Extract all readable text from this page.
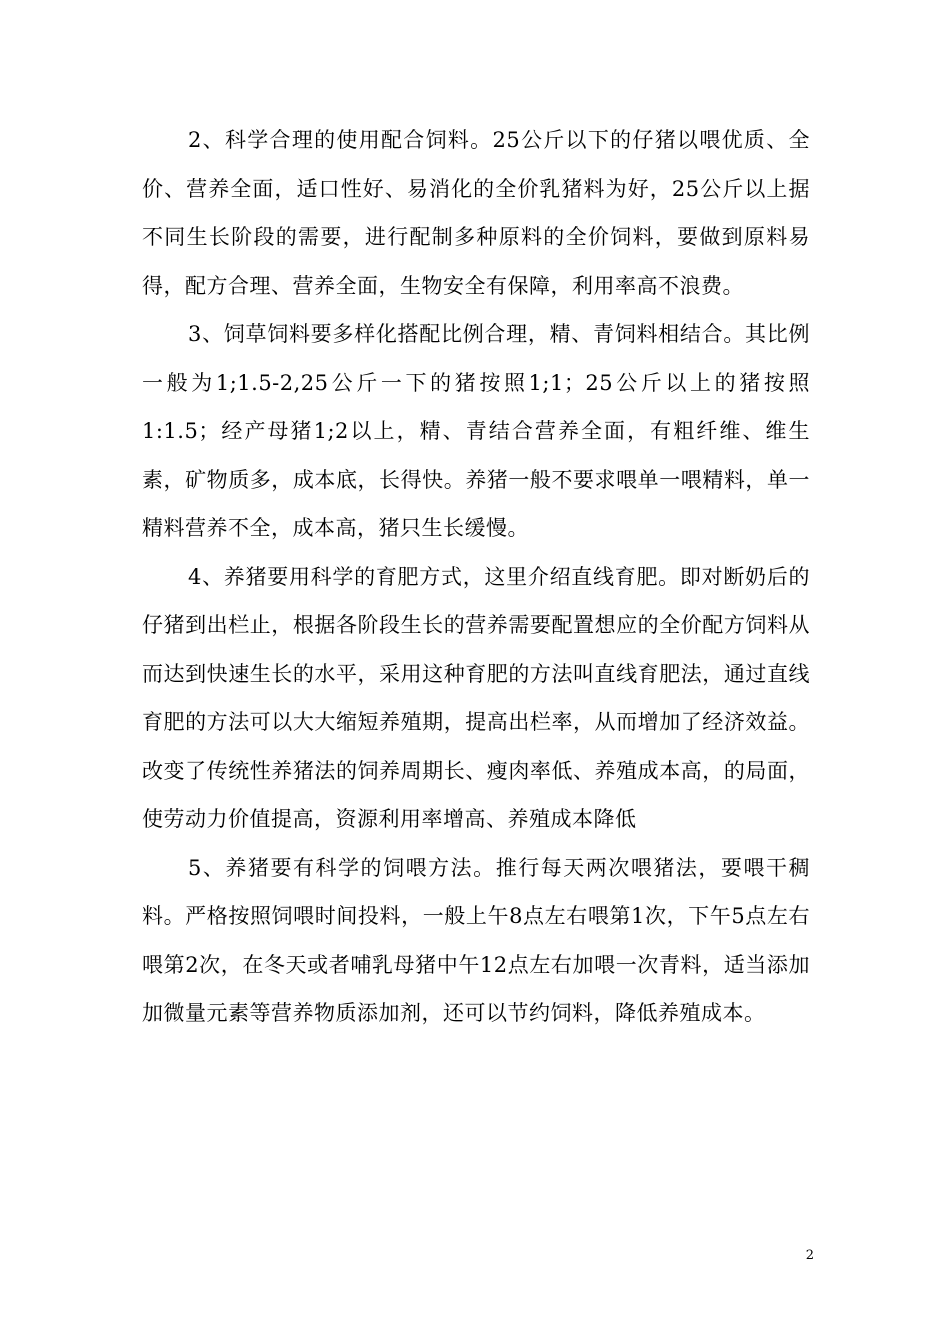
2、科学合理的使用配合饲料。25公斤以下的仔猪以喂优质、全价、营养全面，适口性好、易消化的全价乳猪料为好，25公斤以上据不同生长阶段的需要，进行配制多种原料的全价饲料，要做到原料易得，配方合理、营养全面，生物安全有保障，利用率高不浪费。

3、饲草饲料要多样化搭配比例合理，精、青饲料相结合。其比例一般为1;1.5-2,25公斤一下的猪按照1;1；25公斤以上的猪按照1:1.5；经产母猪1;2以上，精、青结合营养全面，有粗纤维、维生素，矿物质多，成本底，长得快。养猪一般不要求喂单一喂精料，单一精料营养不全，成本高，猪只生长缓慢。

4、养猪要用科学的育肥方式，这里介绍直线育肥。即对断奶后的仔猪到出栏止，根据各阶段生长的营养需要配置想应的全价配方饲料从而达到快速生长的水平，采用这种育肥的方法叫直线育肥法，通过直线育肥的方法可以大大缩短养殖期，提高出栏率，从而增加了经济效益。改变了传统性养猪法的饲养周期长、瘦肉率低、养殖成本高，的局面，使劳动力价值提高，资源利用率增高、养殖成本降低

5、养猪要有科学的饲喂方法。推行每天两次喂猪法，要喂干稠料。严格按照饲喂时间投料，一般上午8点左右喂第1次，下午5点左右喂第2次，在冬天或者哺乳母猪中午12点左右加喂一次青料，适当添加加微量元素等营养物质添加剂，还可以节约饲料，降低养殖成本。

2
